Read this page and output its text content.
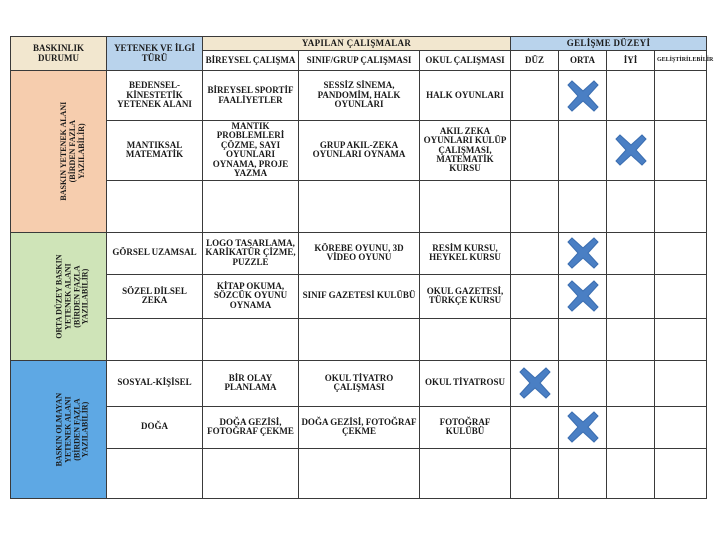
BASKINLIK DURUMU	YETENEK VE İLGİ TÜRÜ	YAPILAN ÇALIŞMALAR			GELİŞME DÜZEYİ			
		BİREYSEL ÇALIŞMA	SINIF/GRUP ÇALIŞMASI	OKUL ÇALIŞMASI	DÜZ	ORTA	İYİ	GELİŞTİRİLEBİLİR
BASKIN YETENEK ALANI
(BİRDEN FAZLA
YAZILABİLİR)	BEDENSEL-KİNESTETİK YETENEK ALANI	BİREYSEL SPORTİF FAALİYETLER	SESSİZ SİNEMA, PANDOMİM, HALK OYUNLARI	HALK OYUNLARI		

	MANTIKSAL MATEMATİK	MANTIK PROBLEMLERİ ÇÖZME, SAYI OYUNLARI OYNAMA, PROJE YAZMA	GRUP AKIL-ZEKA OYUNLARI OYNAMA	AKIL ZEKA OYUNLARI KULÜP ÇALIŞMASI, MATEMATİK KURSU			

ORTA DÜZEY BASKIN
YETENEK ALANI
(BİRDEN FAZLA
YAZILABİLİR)	GÖRSEL UZAMSAL	LOGO TASARLAMA, KARİKATÜR ÇİZME, PUZZLE	KÖREBE OYUNU, 3D VİDEO OYUNU	RESİM KURSU, HEYKEL KURSU		

	SÖZEL DİLSEL ZEKA	KİTAP OKUMA, SÖZCÜK OYUNU OYNAMA	SINIF GAZETESİ KULÜBÜ	OKUL GAZETESİ, TÜRKÇE KURSU		

BASKIN OLMAYAN
YETENEK ALANI
(BİRDEN FAZLA
YAZILABİLİR)	SOSYAL-KİŞİSEL	BİR OLAY PLANLAMA	OKUL TİYATRO ÇALIŞMASI	OKUL TİYATROSU	

	DOĞA	DOĞA GEZİSİ, FOTOĞRAF ÇEKME	DOĞA GEZİSİ, FOTOĞRAF ÇEKME	FOTOĞRAF KULÜBÜ		
